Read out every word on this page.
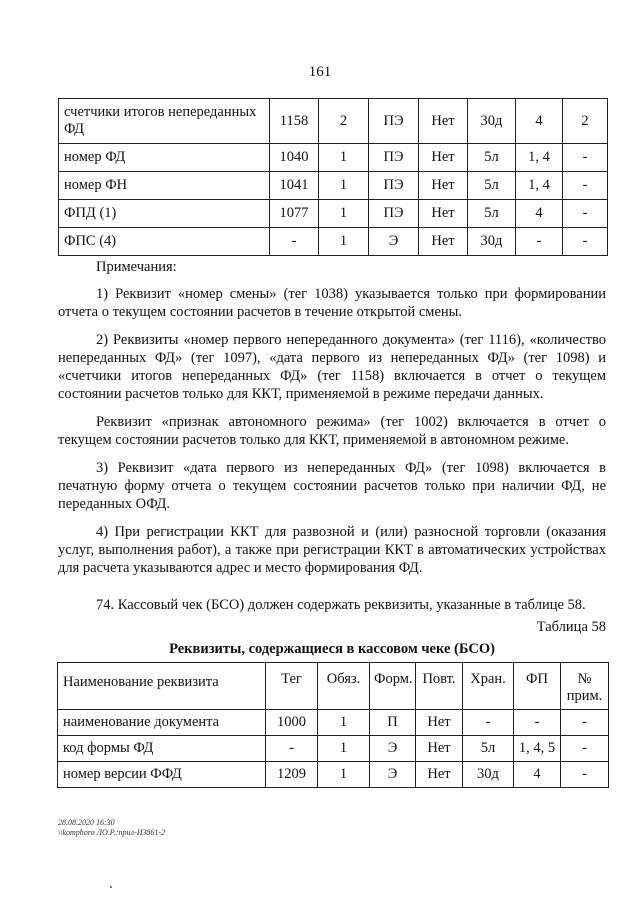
161
счетчики итогов непереданных ФД	1158	2	ПЭ	Нет	30д	4	2
номер ФД	1040	1	ПЭ	Нет	5л	1, 4	-
номер ФН	1041	1	ПЭ	Нет	5л	1, 4	-
ФПД (1)	1077	1	ПЭ	Нет	5л	4	-
ФПС (4)	-	1	Э	Нет	30д	-	-

Примечания:

1) Реквизит «номер смены» (тег 1038) указывается только при формировании отчета о текущем состоянии расчетов в течение открытой смены.

2) Реквизиты «номер первого непереданного документа» (тег 1116), «количество непереданных ФД» (тег 1097), «дата первого из непереданных ФД» (тег 1098) и «счетчики итогов непереданных ФД» (тег 1158) включается в отчет о текущем состоянии расчетов только для ККТ, применяемой в режиме передачи данных.

Реквизит «признак автономного режима» (тег 1002) включается в отчет о текущем состоянии расчетов только для ККТ, применяемой в автономном режиме.

3) Реквизит «дата первого из непереданных ФД» (тег 1098) включается в печатную форму отчета о текущем состоянии расчетов только при наличии ФД, не переданных ОФД.

4) При регистрации ККТ для развозной и (или) разносной торговли (оказания услуг, выполнения работ), а также при регистрации ККТ в автоматических устройствах для расчета указываются адрес и место формирования ФД.

74. Кассовый чек (БСО) должен содержать реквизиты, указанные в таблице 58.

Таблица 58

Реквизиты, содержащиеся в кассовом чеке (БСО)
Наименование реквизита	Тег	Обяз.	Форм.	Повт.	Хран.	ФП	№ прим.
наименование документа	1000	1	П	Нет	-	-	-
код формы ФД	-	1	Э	Нет	5л	1, 4, 5	-
номер версии ФФД	1209	1	Э	Нет	30д	4	-
28.08.2020 16:30
\\komphoro ЛО.Р.:прил-ИЗ861-2
